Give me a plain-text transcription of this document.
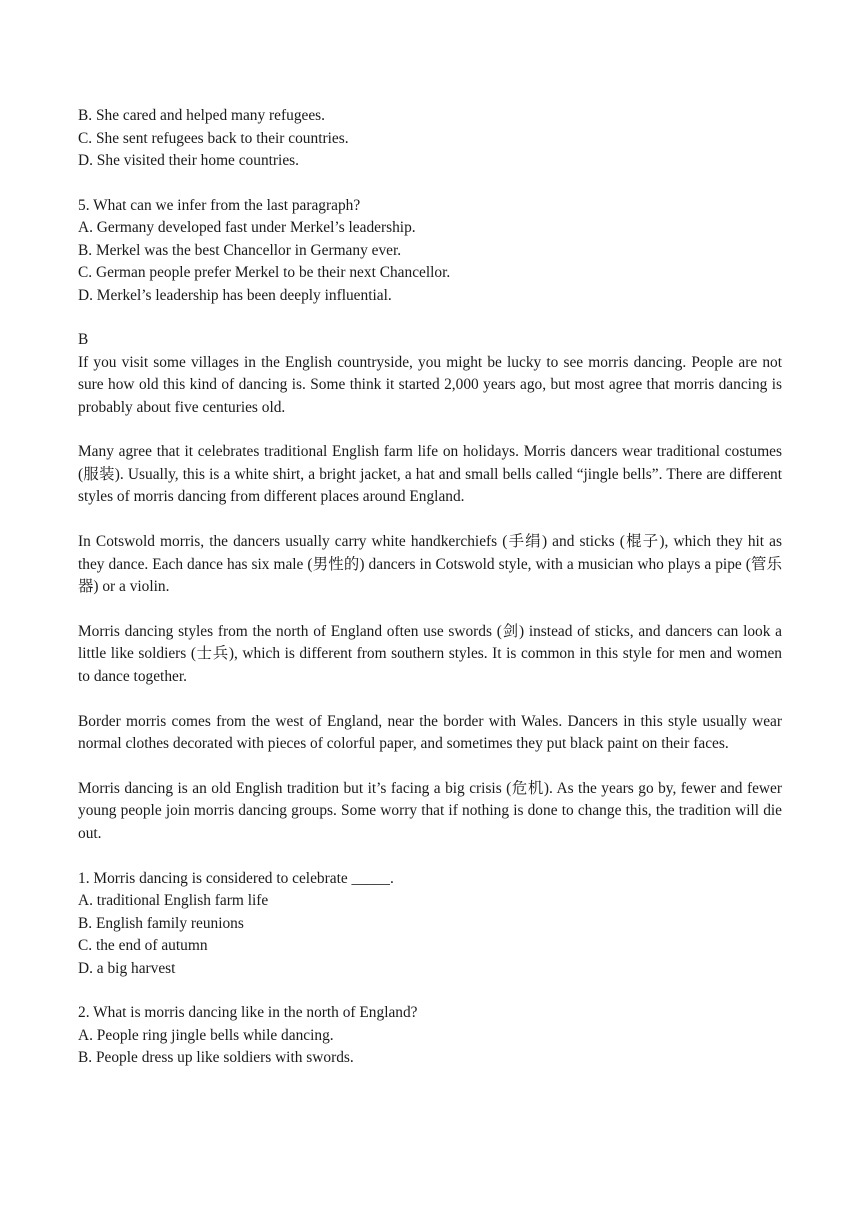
B. She cared and helped many refugees.
C. She sent refugees back to their countries.
D. She visited their home countries.
5. What can we infer from the last paragraph?
A. Germany developed fast under Merkel’s leadership.
B. Merkel was the best Chancellor in Germany ever.
C. German people prefer Merkel to be their next Chancellor.
D. Merkel’s leadership has been deeply influential.
B

If you visit some villages in the English countryside, you might be lucky to see morris dancing. People are not sure how old this kind of dancing is. Some think it started 2,000 years ago, but most agree that morris dancing is probably about five centuries old.

Many agree that it celebrates traditional English farm life on holidays. Morris dancers wear traditional costumes (服装). Usually, this is a white shirt, a bright jacket, a hat and small bells called “jingle bells”. There are different styles of morris dancing from different places around England.

In Cotswold morris, the dancers usually carry white handkerchiefs (手绢) and sticks (棍子), which they hit as they dance. Each dance has six male (男性的) dancers in Cotswold style, with a musician who plays a pipe (管乐器) or a violin.

Morris dancing styles from the north of England often use swords (剑) instead of sticks, and dancers can look a little like soldiers (士兵), which is different from southern styles. It is common in this style for men and women to dance together.

Border morris comes from the west of England, near the border with Wales. Dancers in this style usually wear normal clothes decorated with pieces of colorful paper, and sometimes they put black paint on their faces.

Morris dancing is an old English tradition but it’s facing a big crisis (危机). As the years go by, fewer and fewer young people join morris dancing groups. Some worry that if nothing is done to change this, the tradition will die out.

1. Morris dancing is considered to celebrate _____.
A. traditional English farm life
B. English family reunions
C. the end of autumn
D. a big harvest
2. What is morris dancing like in the north of England?
A. People ring jingle bells while dancing.
B. People dress up like soldiers with swords.
